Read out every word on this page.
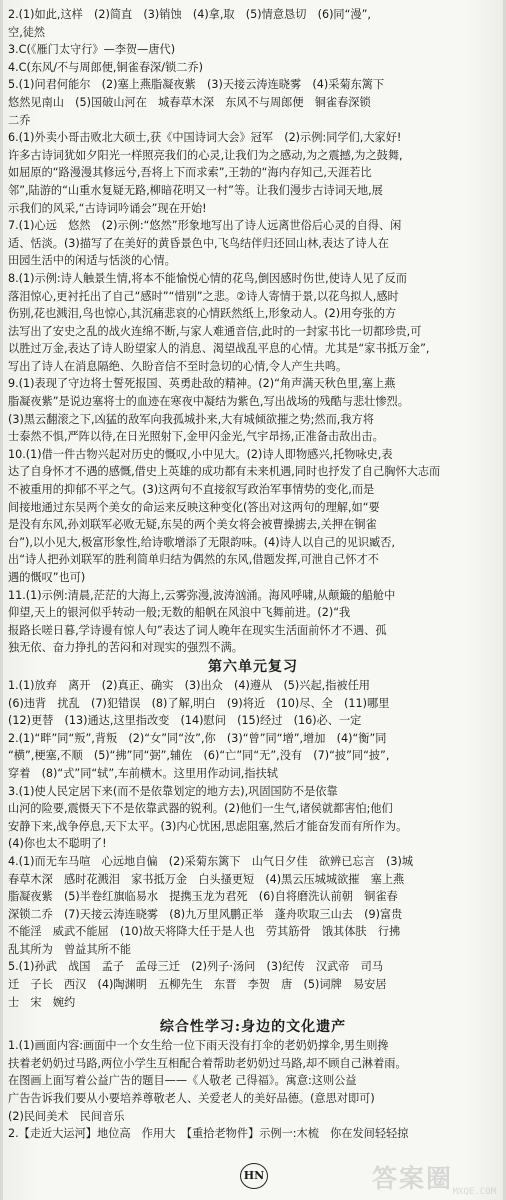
2.(1)如此,这样　(2)简直　(3)销蚀　(4)拿,取　(5)情意恳切　(6)同“漫”,
空,徒然
3.C(《雁门太守行》—李贺—唐代)
4.C(东风/不与周郎便,铜雀春深/锁二乔)
5.(1)问君何能尔　(2)塞上燕脂凝夜紫　(3)天接云涛连晓雾　(4)采菊东篱下
悠然见南山　(5)国破山河在　城春草木深　东风不与周郎便　铜雀春深锁
二乔
6.(1)外卖小哥击败北大硕士,获《中国诗词大会》冠军　(2)示例:同学们,大家好!
许多古诗词犹如夕阳光一样照亮我们的心灵,让我们为之感动,为之震撼,为之鼓舞,
如屈原的“路漫漫其修远兮,吾将上下而求索”,王勃的“海内存知己,天涯若比
邻”,陆游的“山重水复疑无路,柳暗花明又一村”等。让我们漫步古诗词天地,展
示我们的风采,“古诗词吟诵会”现在开始!
7.(1)心远　悠然　(2)示例:“悠然”形象地写出了诗人远离世俗后心灵的自得、闲
适、恬淡。(3)描写了在美好的黄昏景色中,飞鸟结伴归还回山林,表达了诗人在
田园生活中的闲适与恬淡的心情。
8.(1)示例:诗人触景生情,将本不能愉悦心情的花鸟,倒因感时伤世,使诗人见了反而
落泪惊心,更衬托出了自己“感时”“惜别”之悲。②诗人寄情于景,以花鸟拟人,感时
伤别,花也溅泪,鸟也惊心,其沉痛悲哀的心情跃然纸上,形象动人。(2)用夸张的方
法写出了安史之乱的战火连绵不断,与家人难通音信,此时的一封家书比一切都珍贵,可
以胜过万金,表达了诗人盼望家人的消息、渴望战乱平息的心情。尤其是“家书抵万金”,
写出了诗人在消息隔绝、久盼音信不至时急切的心情,令人产生共鸣。
9.(1)表现了守边将士誓死报国、英勇赴敌的精神。(2)“角声满天秋色里,塞上燕
脂凝夜紫”是说边塞将士的血迹在寒夜中凝结为紫色,写出战场的残酷与悲壮惨烈。
(3)黑云翻滚之下,凶猛的敌军向我孤城扑来,大有城倾欲摧之势;然而,我方将
士泰然不惧,严阵以待,在日光照射下,金甲闪金光,气宇昂扬,正准备击敌出击。
10.(1)借一件古物兴起对历史的慨叹,小中见大。(2)诗人即物感兴,托物咏史,表
达了自身怀才不遇的感慨,借史上英雄的成功都有未来机遇,同时也抒发了自己胸怀大志而
不被重用的抑郁不平之气。(3)这两句不直接叙写政治军事情势的变化,而是
间接地通过东吴两个美女的命运来反映这种变化(答出对这两句的理解,如“要
是没有东风,孙刘联军必败无疑,东吴的两个美女将会被曹操掳去,关押在铜雀
台”),以小见大,极富形象性,给诗歌增添了无限韵味。(4)诗人以自己的见识臧否,
出“诗人把孙刘联军的胜利简单归结为偶然的东风,借题发挥,可泄自己怀才不
遇的慨叹”也可)
11.(1)示例:清晨,茫茫的大海上,云雾弥漫,波涛汹涌。海风呼啸,从颠簸的船舱中
仰望,天上的银河似乎转动一般;无数的船帆在风浪中飞舞前进。(2)“我
报路长嗟日暮,学诗谩有惊人句”表达了词人晚年在现实生活面前怀才不遇、孤
独无依、奋力挣扎的苦闷和对现实的强烈不满。
第六单元复习
1.(1)放弃　离开　(2)真正、确实　(3)出众　(4)遵从　(5)兴起,指被任用
(6)违背　扰乱　(7)犯错误　(8)了解,明白　(9)将近　(10)尽、全　(11)哪里
(12)更替　(13)通达,这里指改变　(14)慰问　(15)经过　(16)必、一定
2.(1)“畔”同“叛”,背叛　(2)“女”同“汝”,你　(3)“曾”同“增”,增加　(4)“衡”同
“横”,梗塞,不顺　(5)“拂”同“弼”,辅佐　(6)“亡”同“无”,没有　(7)“披”同“披”,
穿着　(8)“式”同“轼”,车前横木。这里用作动词,指扶轼
3.(1)使人民定居下来(而不是依靠划定的地方去),巩固国防不是依靠
山河的险要,震慑天下不是依靠武器的锐利。(2)他们一生气,诸侯就都害怕;他们
安静下来,战争停息,天下太平。(3)内心忧困,思虑阻塞,然后才能奋发而有所作为。
(4)你也太不聪明了!
4.(1)而无车马喧　心远地自偏　(2)采菊东篱下　山气日夕佳　欲辨已忘言　(3)城
春草木深　感时花溅泪　家书抵万金　白头搔更短　(4)黑云压城城欲摧　塞上燕
脂凝夜紫　(5)半卷红旗临易水　提携玉龙为君死　(6)自将磨洗认前朝　铜雀春
深锁二乔　(7)天接云涛连晓雾　(8)九万里风鹏正举　蓬舟吹取三山去　(9)富贵
不能淫　威武不能屈　(10)故天将降大任于是人也　劳其筋骨　饿其体肤　行拂
乱其所为　曾益其所不能
5.(1)孙武　战国　孟子　孟母三迁　(2)列子·汤问　(3)纪传　汉武帝　司马
迁　子长　西汉　(4)陶渊明　五柳先生　东晋　李贺　唐　(5)词牌　易安居
士　宋　婉约
综合性学习:身边的文化遗产
1.(1)画面内容:画面中一个女生给一位下雨天没有打伞的老奶奶撑伞,男生则搀
扶着老奶奶过马路,两位小学生互相配合着帮助老奶奶过马路,却不顾自己淋着雨。
在图画上面写着公益广告的题目——《人敬老 己得福》。寓意:这则公益
广告告诉我们要从小要培养尊敬老人、关爱老人的美好品德。(意思对即可)
(2)民间美术　民间音乐
2.【走近大运河】地位高　作用大　【重拾老物件】示例一:木梳　你在发间轻轻掠
HN	答案圈 MXQE.COM
